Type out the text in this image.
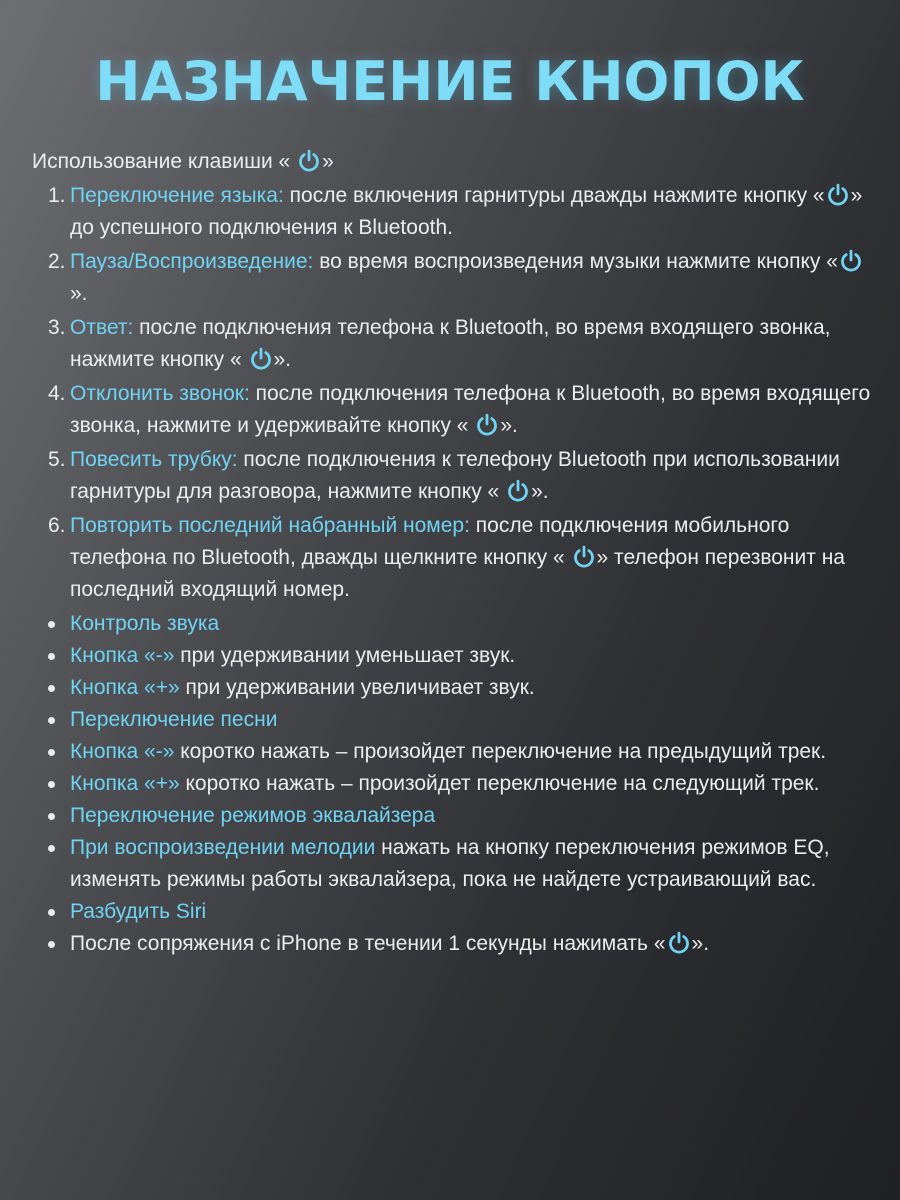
НАЗНАЧЕНИЕ КНОПОК
Использование клавиши « »
1. Переключение языка: после включения гарнитуры дважды нажмите кнопку « » до успешного подключения к Bluetooth.
2. Пауза/Воспроизведение: во время воспроизведения музыки нажмите кнопку «».
3. Ответ: после подключения телефона к Bluetooth, во время входящего звонка, нажмите кнопку « ».
4. Отклонить звонок: после подключения телефона к Bluetooth, во время входящего звонка, нажмите и удерживайте кнопку « ».
5. Повесить трубку: после подключения к телефону Bluetooth при использовании гарнитуры для разговора, нажмите кнопку « ».
6. Повторить последний набранный номер: после подключения мобильного телефона по Bluetooth, дважды щелкните кнопку « » телефон перезвонит на последний входящий номер.
Контроль звука
Кнопка «-» при удерживании уменьшает звук.
Кнопка «+» при удерживании увеличивает звук.
Переключение песни
Кнопка «-» коротко нажать – произойдет переключение на предыдущий трек.
Кнопка «+» коротко нажать – произойдет переключение на следующий трек.
Переключение режимов эквалайзера
При воспроизведении мелодии нажать на кнопку переключения режимов EQ, изменять режимы работы эквалайзера, пока не найдете устраивающий вас.
Разбудить Siri
После сопряжения с iPhone в течении 1 секунды нажимать « ».
